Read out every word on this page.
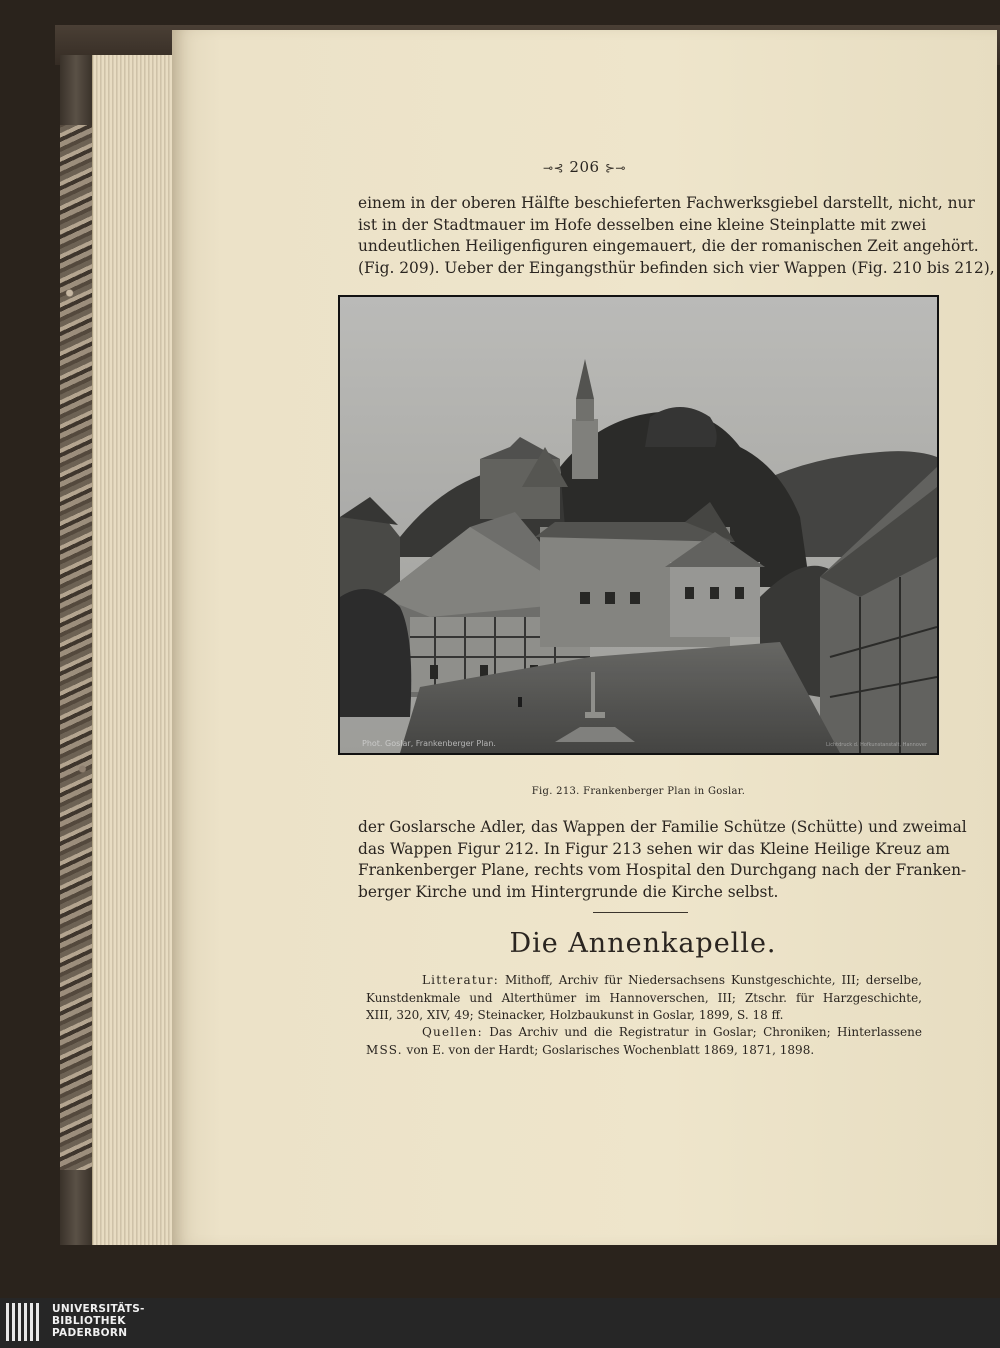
⊸⊰ 206 ⊱⊸
einem in der oberen Hälfte beschieferten Fachwerksgiebel darstellt, nicht, nur
ist in der Stadtmauer im Hofe desselben eine kleine Steinplatte mit zwei
undeutlichen Heiligenfiguren eingemauert, die der romanischen Zeit angehört.
(Fig. 209). Ueber der Eingangsthür befinden sich vier Wappen (Fig. 210 bis 212),
Phot. Goslar, Frankenberger Plan.	Lichtdruck d. Hofkunstanstalt, Hannover
Fig. 213. Frankenberger Plan in Goslar.
der Goslarsche Adler, das Wappen der Familie Schütze (Schütte) und zweimal
das Wappen Figur 212. In Figur 213 sehen wir das Kleine Heilige Kreuz am
Frankenberger Plane, rechts vom Hospital den Durchgang nach der Franken-
berger Kirche und im Hintergrunde die Kirche selbst.
Die Annenkapelle.
Litteratur: Mithoff, Archiv für Niedersachsens Kunstgeschichte, III; derselbe,
Kunstdenkmale und Alterthümer im Hannoverschen, III; Ztschr. für Harzgeschichte,
XIII, 320, XIV, 49; Steinacker, Holzbaukunst in Goslar, 1899, S. 18 ff.
Quellen: Das Archiv und die Registratur in Goslar; Chroniken; Hinterlassene
MSS. von E. von der Hardt; Goslarisches Wochenblatt 1869, 1871, 1898.
UNIVERSITÄTS-
BIBLIOTHEK
PADERBORN
